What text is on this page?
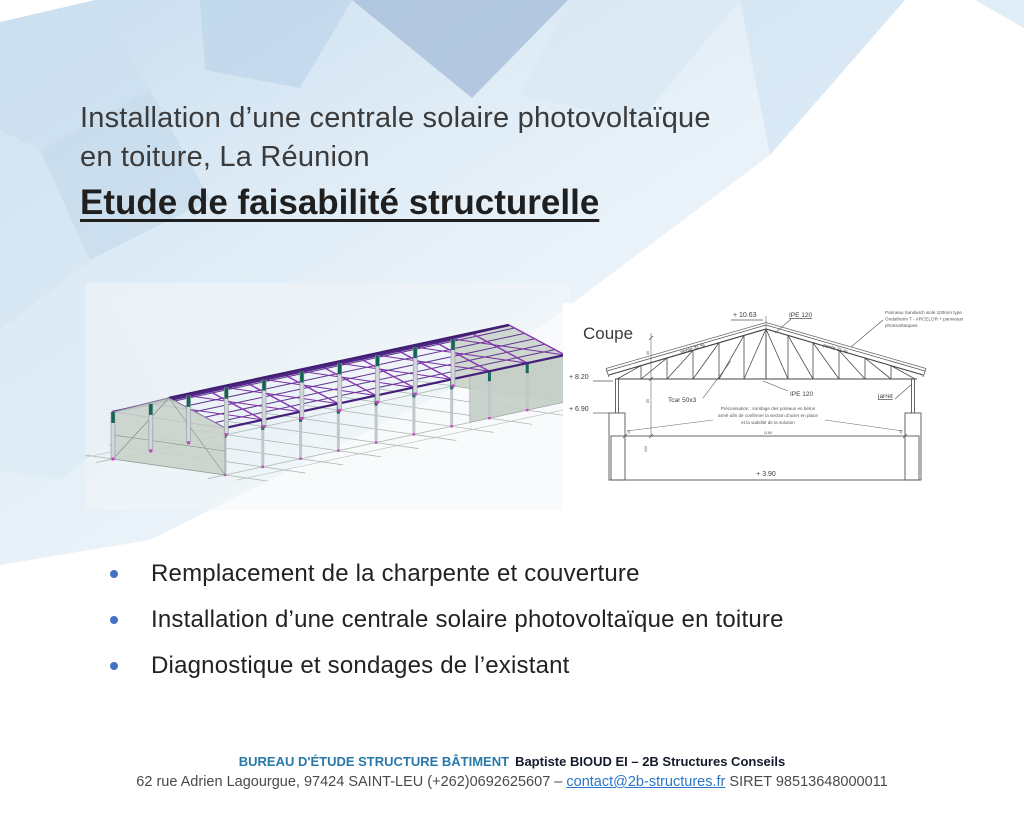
Installation d’une centrale solaire photovoltaïque
en toiture, La Réunion
Etude de faisabilité structurelle
Coupe
+ 10.63
+ 8.20
+ 6.90
+ 3.90
IPE 120
IPE 120
pente 31 %	pente 31 %
Tcar 50x3
jarret
Panneau Sandwich isolé 100mm type
Ondatherm T - ARCELOR + panneaux
photovoltaïques
Préconisation : sondage des poteaux en béton
armé afin de confirmer la section d'acier en place
et la viabilité de la solution
1160
40	40
330
30
85
Remplacement de la charpente et couverture
Installation d’une centrale solaire photovoltaïque en toiture
Diagnostique et sondages de l’existant
BUREAU D'ÉTUDE STRUCTURE BÂTIMENT Baptiste BIOUD EI – 2B Structures Conseils
62 rue Adrien Lagourgue, 97424 SAINT-LEU (+262)0692625607 – contact@2b-structures.fr SIRET 98513648000011
